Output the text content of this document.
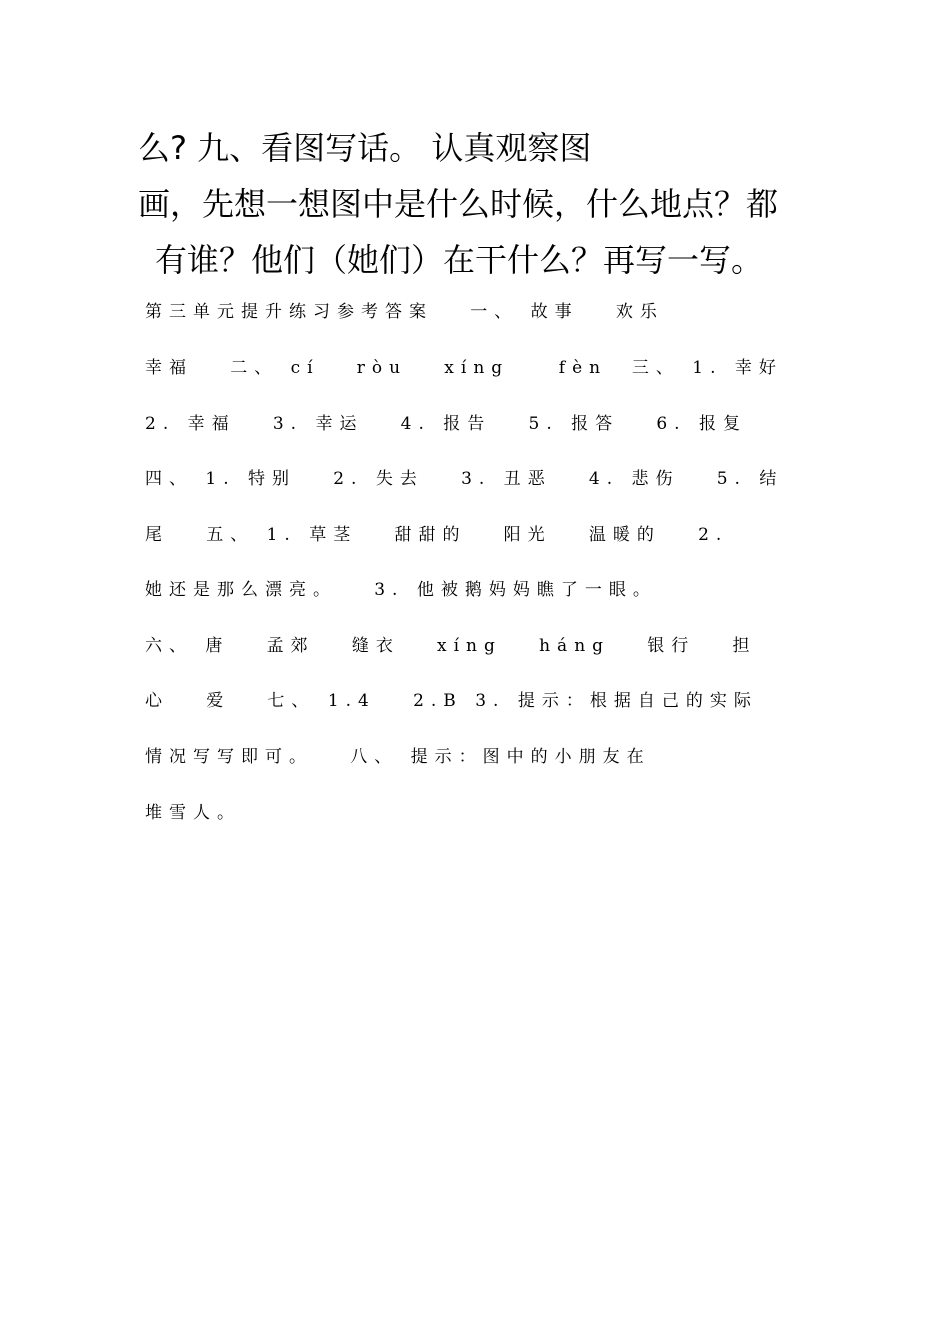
么? 九、看图写话。 认真观察图
画，先想一想图中是什么时候，什么地点？都
有谁？他们（她们）在干什么？再写一写。
第三单元提升练习参考答案   一、 故事   欢乐
幸福   二、 cí   ròu   xíng    fèn  三、 1. 幸好
2. 幸福   3. 幸运   4. 报告   5. 报答   6. 报复
四、 1. 特别   2. 失去   3. 丑恶   4. 悲伤   5. 结
尾   五、 1. 草茎   甜甜的   阳光   温暖的   2.
她还是那么漂亮。   3. 他被鹅妈妈瞧了一眼。
六、 唐   孟郊   缝衣   xíng   háng   银行   担
心   爱   七、 1.4   2.B 3. 提示：根据自己的实际
情况写写即可。   八、 提示：图中的小朋友在
堆雪人。
